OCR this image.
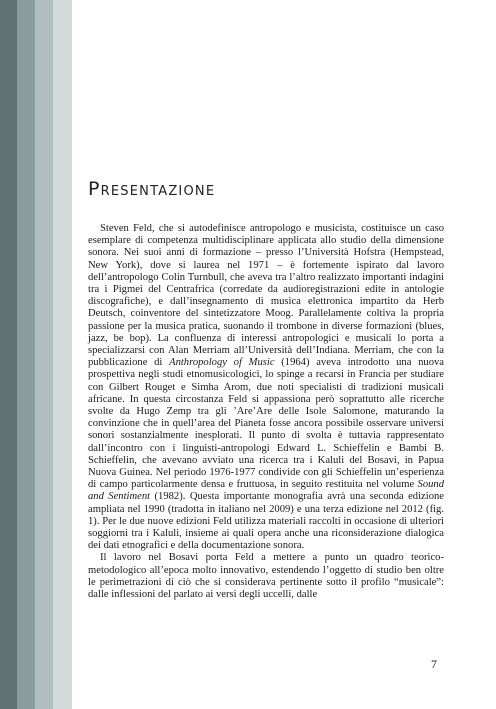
Presentazione

Steven Feld, che si autodefinisce antropologo e musicista, costituisce un caso esemplare di competenza multidisciplinare applicata allo studio della dimensione sonora. Nei suoi anni di formazione – presso l’Università Hofstra (Hempstead, New York), dove si laurea nel 1971 – è fortemente ispirato dal lavoro dell’antropologo Colin Turnbull, che aveva tra l’altro realizzato importanti indagini tra i Pigmei del Centrafrica (corredate da audioregistrazioni edite in antologie discografiche), e dall’insegnamento di musica elettronica impartito da Herb Deutsch, coinventore del sintetizzatore Moog. Parallelamente coltiva la propria passione per la musica pratica, suonando il trombone in diverse formazioni (blues, jazz, be bop). La confluenza di interessi antropologici e musicali lo porta a specializzarsi con Alan Merriam all’Università dell’Indiana. Merriam, che con la pubblicazione di Anthropology of Music (1964) aveva introdotto una nuova prospettiva negli studi etnomusicologici, lo spinge a recarsi in Francia per studiare con Gilbert Rouget e Simha Arom, due noti specialisti di tradizioni musicali africane. In questa circostanza Feld si appassiona però soprattutto alle ricerche svolte da Hugo Zemp tra gli ’Are’Are delle Isole Salomone, maturando la convinzione che in quell’area del Pianeta fosse ancora possibile osservare universi sonori sostanzialmente inesplorati. Il punto di svolta è tuttavia rappresentato dall’incontro con i linguisti-antropologi Edward L. Schieffelin e Bambi B. Schieffelin, che avevano avviato una ricerca tra i Kaluli del Bosavi, in Papua Nuova Guinea. Nel periodo 1976-1977 condivide con gli Schieffelin un’esperienza di campo particolarmente densa e fruttuosa, in seguito restituita nel volume Sound and Sentiment (1982). Questa importante monografia avrà una seconda edizione ampliata nel 1990 (tradotta in italiano nel 2009) e una terza edizione nel 2012 (fig. 1). Per le due nuove edizioni Feld utilizza materiali raccolti in occasione di ulteriori soggiorni tra i Kaluli, insieme ai quali opera anche una riconsiderazione dialogica dei dati etnografici e della documentazione sonora.

Il lavoro nel Bosavi porta Feld a mettere a punto un quadro teorico-metodologico all’epoca molto innovativo, estendendo l’oggetto di studio ben oltre le perimetrazioni di ciò che si consideravа pertinente sotto il profilo “musicale”: dalle inflessioni del parlato ai versi degli uccelli, dalle

7
